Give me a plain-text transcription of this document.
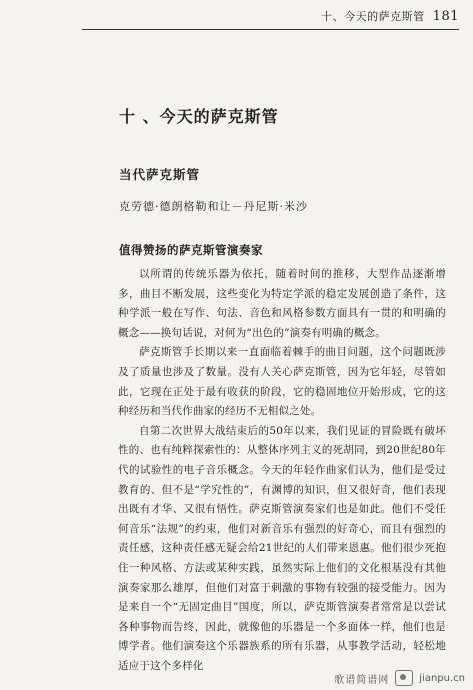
十、今天的萨克斯管 181
十 、今天的萨克斯管
当代萨克斯管
克劳德·德朗格勒和让－丹尼斯·米沙
值得赞扬的萨克斯管演奏家

以所谓的传统乐器为依托，随着时间的推移，大型作品逐渐增多，曲目不断发展，这些变化为特定学派的稳定发展创造了条件，这种学派一般在写作、句法、音色和风格参数方面具有一贯的和明确的概念——换句话说，对何为“出色的”演奏有明确的概念。

萨克斯管手长期以来一直面临着棘手的曲目问题，这个问题既涉及了质量也涉及了数量。没有人关心萨克斯管，因为它年轻，尽管如此，它现在正处于最有收获的阶段，它的稳固地位开始形成，它的这种经历和当代作曲家的经历不无相似之处。

自第二次世界大战结束后的50年以来，我们见证的冒险既有破坏性的、也有纯粹探索性的：从整体序列主义的死胡同，到20世纪80年代的试验性的电子音乐概念。今天的年轻作曲家们认为，他们是受过教育的、但不是“学究性的”，有渊博的知识，但又很好奇，他们表现出既有才华、又很有悟性。萨克斯管演奏家们也是如此。他们不受任何音乐“法规”的约束，他们对新音乐有强烈的好奇心，而且有强烈的责任感，这种责任感无疑会给21世纪的人们带来恩惠。他们很少死抱住一种风格、方法或某种实践，虽然实际上他们的文化根基没有其他演奏家那么雄厚，但他们对富于刺激的事物有较强的接受能力。因为是来自一个“无固定曲目”国度，所以，萨克斯管演奏者常常是以尝试各种事物而告终，因此，就像他的乐器是一个多面体一样，他们也是博学者。他们演奏这个乐器族系的所有乐器，从事教学活动，轻松地适应于这个多样化

歌谱简谱网	jianpu.cn
